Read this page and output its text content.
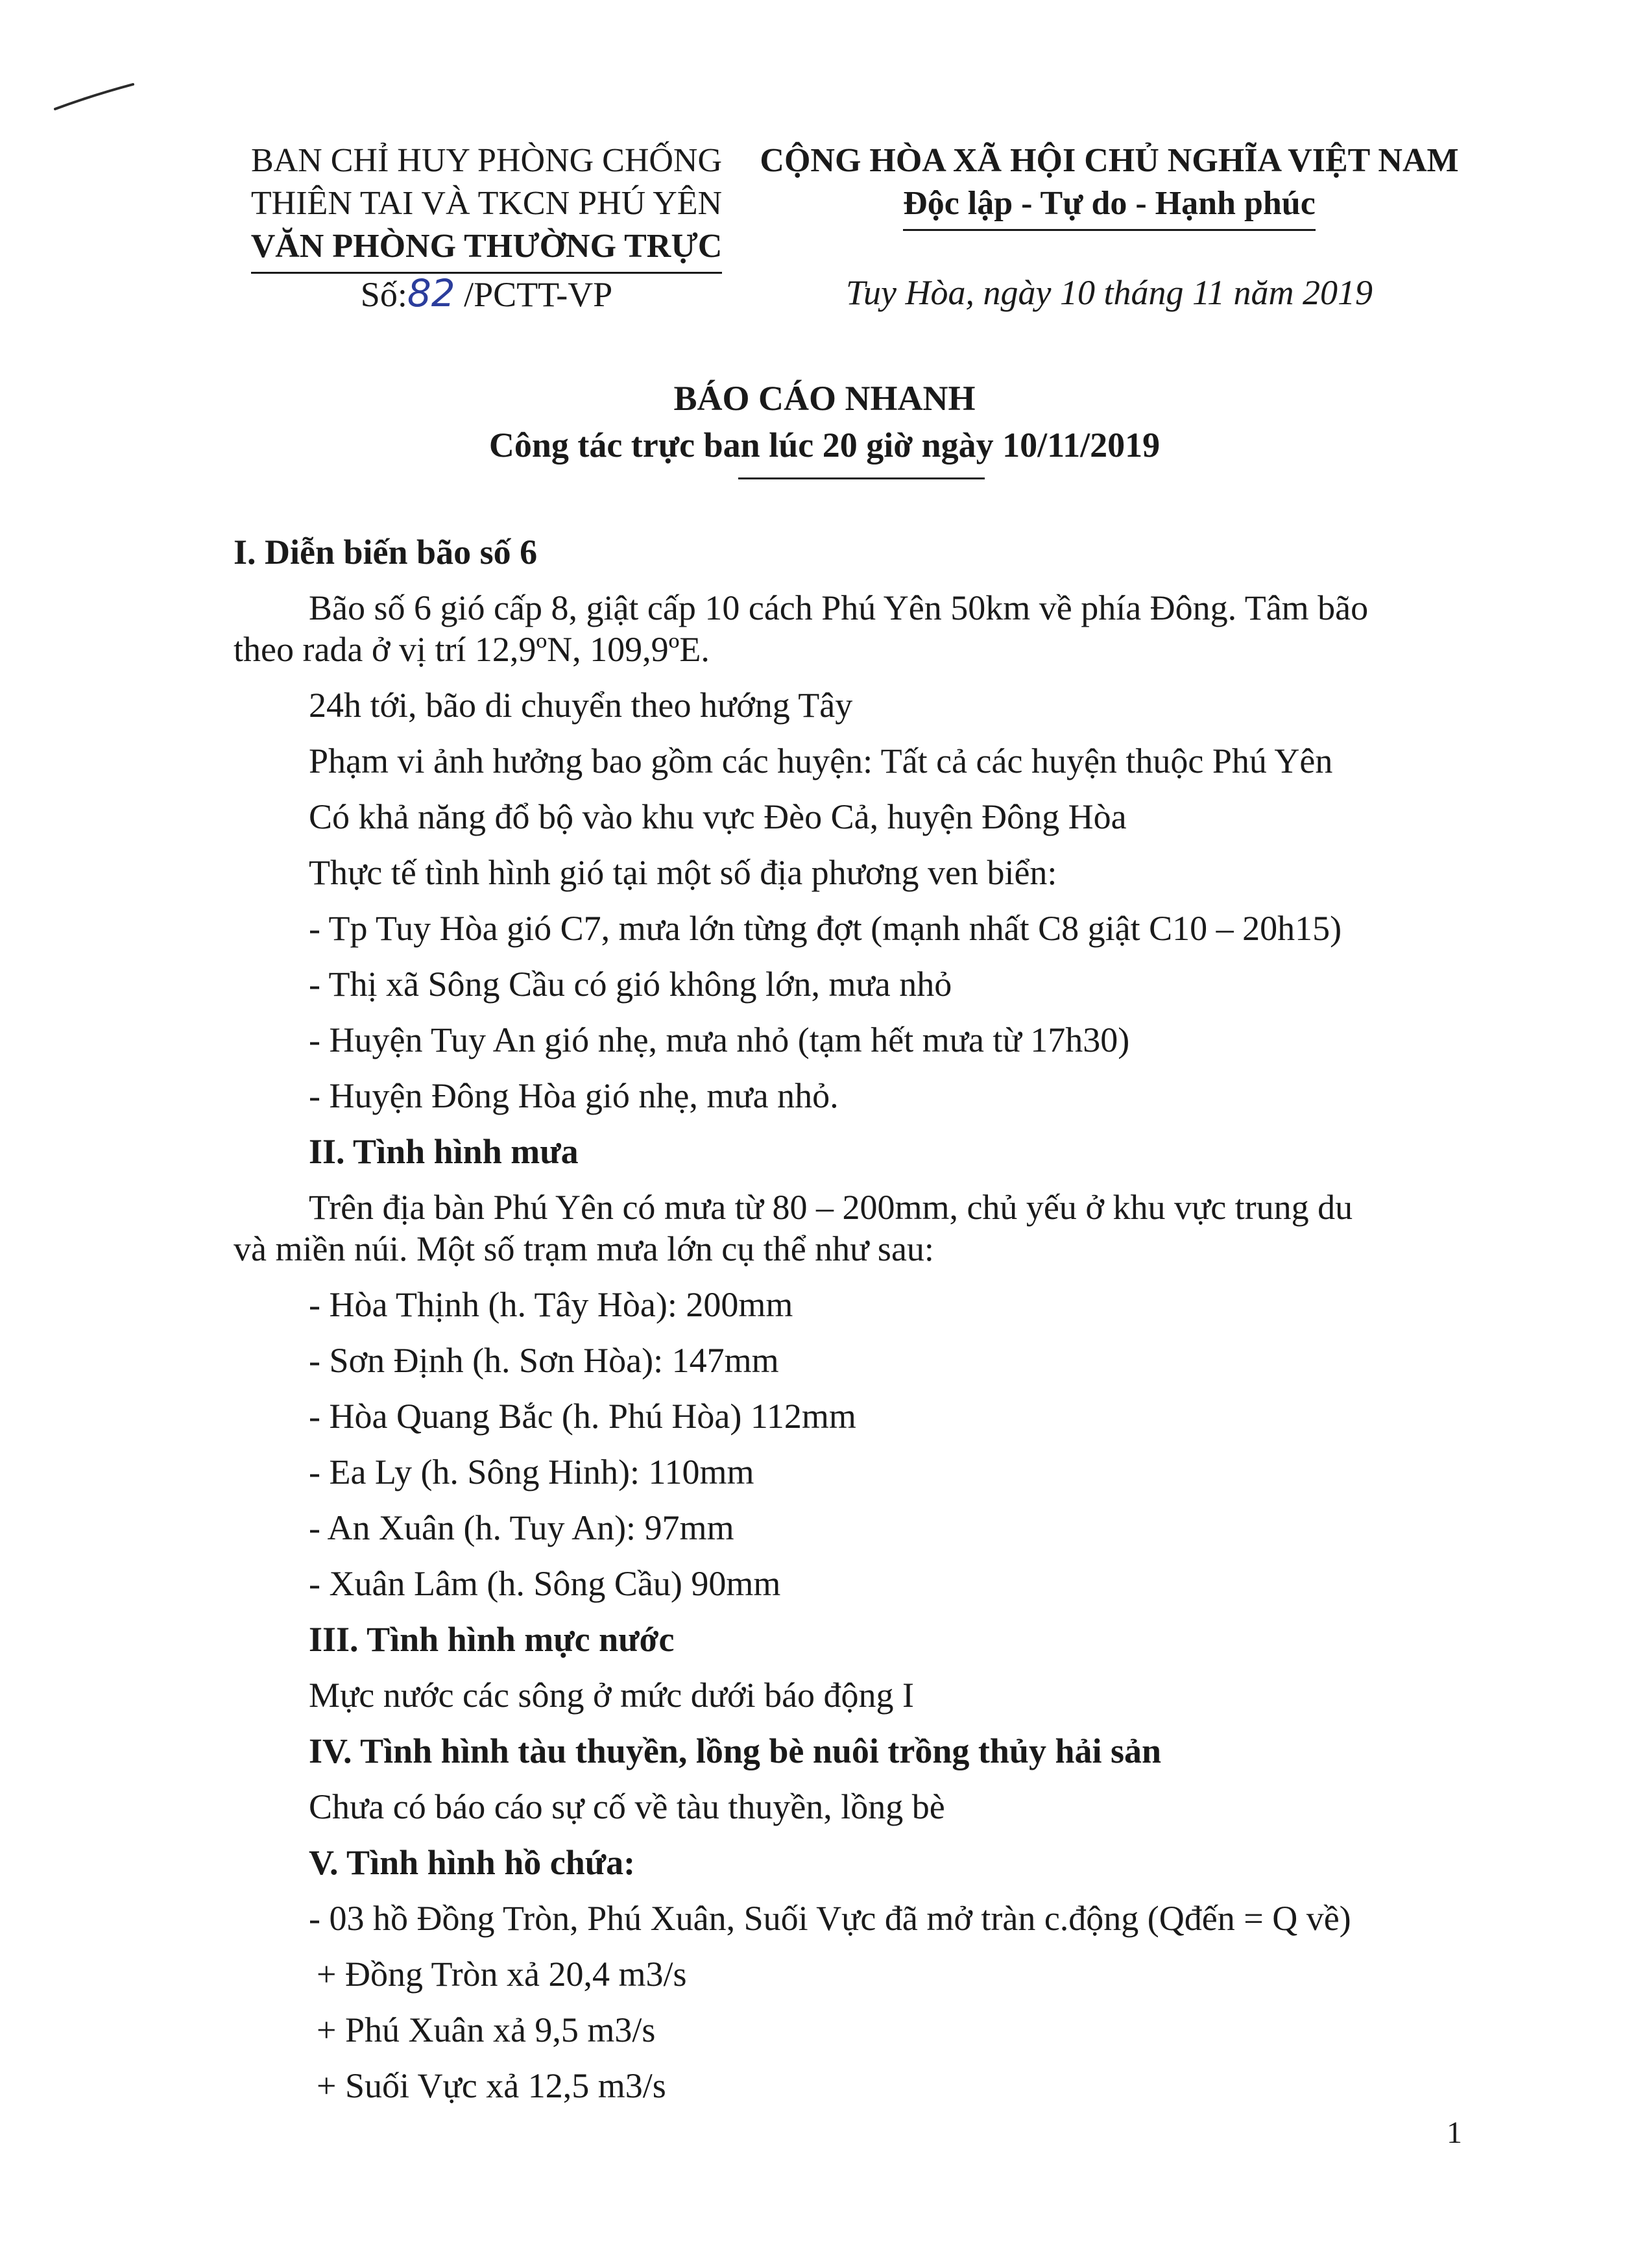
BAN CHỈ HUY PHÒNG CHỐNG
THIÊN TAI VÀ TKCN PHÚ YÊN
VĂN PHÒNG THƯỜNG TRỰC
CỘNG HÒA XÃ HỘI CHỦ NGHĨA VIỆT NAM
Độc lập - Tự do - Hạnh phúc
Số:82 /PCTT-VP	Tuy Hòa, ngày 10 tháng 11 năm 2019
BÁO CÁO NHANH
Công tác trực ban lúc 20 giờ ngày 10/11/2019
I. Diễn biến bão số 6
Bão số 6 gió cấp 8, giật cấp 10 cách Phú Yên 50km về phía Đông. Tâm bão
theo rada ở vị trí 12,9ºN, 109,9ºE.
24h tới, bão di chuyển theo hướng Tây
Phạm vi ảnh hưởng bao gồm các huyện: Tất cả các huyện thuộc Phú Yên
Có khả năng đổ bộ vào khu vực Đèo Cả, huyện Đông Hòa
Thực tế tình hình gió tại một số địa phương ven biển:
- Tp Tuy Hòa gió C7, mưa lớn từng đợt (mạnh nhất C8 giật C10 – 20h15)
- Thị xã Sông Cầu có gió không lớn, mưa nhỏ
- Huyện Tuy An gió nhẹ, mưa nhỏ (tạm hết mưa từ 17h30)
- Huyện Đông Hòa gió nhẹ, mưa nhỏ.
II. Tình hình mưa
Trên địa bàn Phú Yên có mưa từ 80 – 200mm, chủ yếu ở khu vực trung du
và miền núi. Một số trạm mưa lớn cụ thể như sau:
- Hòa Thịnh (h. Tây Hòa): 200mm
- Sơn Định (h. Sơn Hòa): 147mm
- Hòa Quang Bắc (h. Phú Hòa) 112mm
- Ea Ly (h. Sông Hinh): 110mm
- An Xuân (h. Tuy An): 97mm
- Xuân Lâm (h. Sông Cầu) 90mm
III. Tình hình mực nước
Mực nước các sông ở mức dưới báo động I
IV. Tình hình tàu thuyền, lồng bè nuôi trồng thủy hải sản
Chưa có báo cáo sự cố về tàu thuyền, lồng bè
V. Tình hình hồ chứa:
- 03 hồ Đồng Tròn, Phú Xuân, Suối Vực đã mở tràn c.động (Qđến = Q về)
+ Đồng Tròn xả 20,4 m3/s
+ Phú Xuân xả 9,5 m3/s
+ Suối Vực xả 12,5 m3/s
1
